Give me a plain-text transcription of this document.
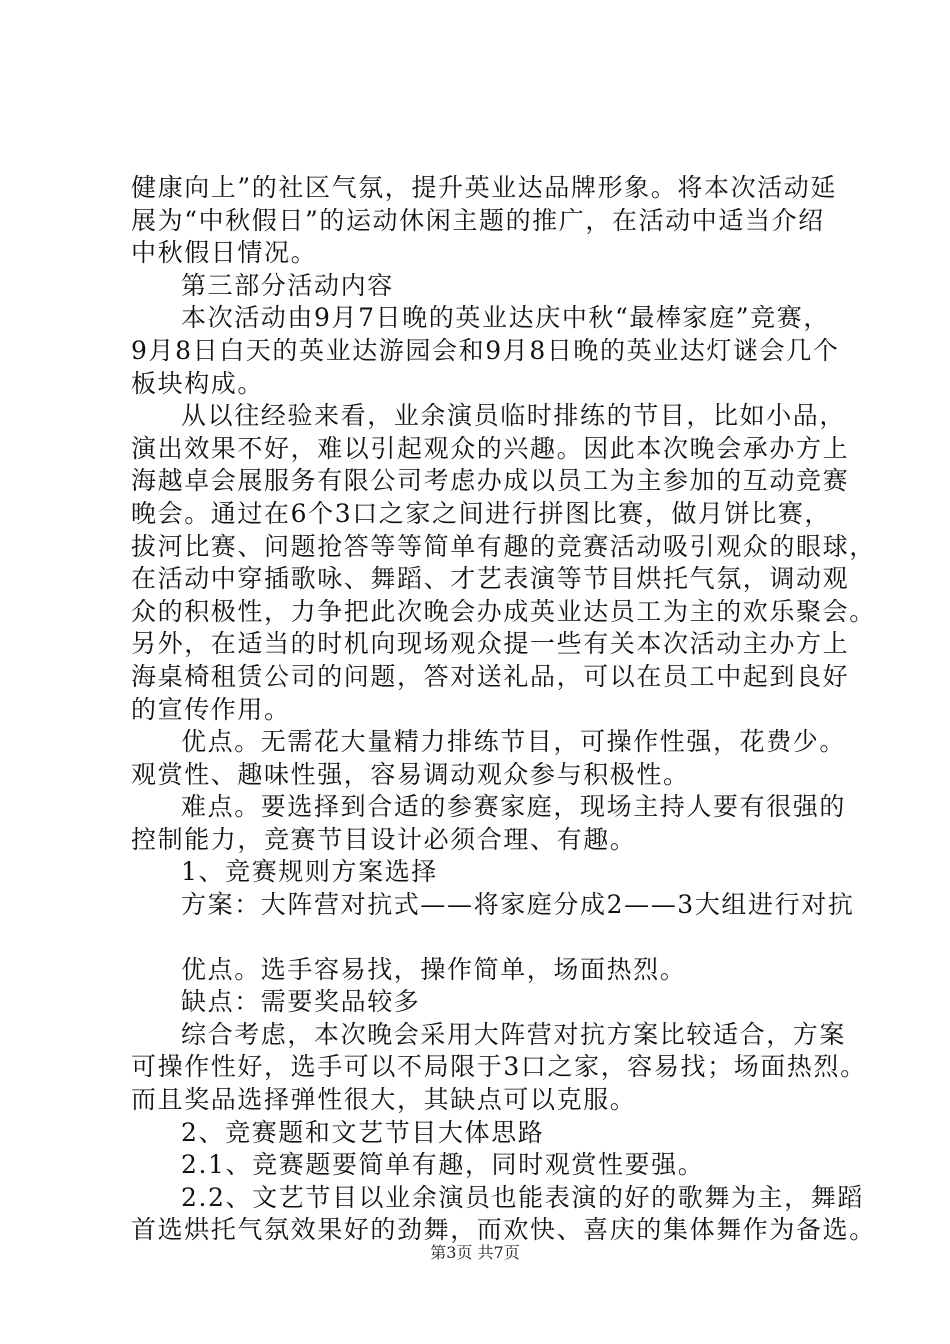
健康向上”的社区气氛，提升英业达品牌形象。将本次活动延
展为“中秋假日”的运动休闲主题的推广，在活动中适当介绍
中秋假日情况。
第三部分活动内容
本次活动由9月7日晚的英业达庆中秋“最棒家庭”竞赛，
9月8日白天的英业达游园会和9月8日晚的英业达灯谜会几个
板块构成。
从以往经验来看，业余演员临时排练的节目，比如小品，
演出效果不好，难以引起观众的兴趣。因此本次晚会承办方上
海越卓会展服务有限公司考虑办成以员工为主参加的互动竞赛
晚会。通过在6个3口之家之间进行拼图比赛，做月饼比赛，
拔河比赛、问题抢答等等简单有趣的竞赛活动吸引观众的眼球，
在活动中穿插歌咏、舞蹈、才艺表演等节目烘托气氛，调动观
众的积极性，力争把此次晚会办成英业达员工为主的欢乐聚会。
另外，在适当的时机向现场观众提一些有关本次活动主办方上
海桌椅租赁公司的问题，答对送礼品，可以在员工中起到良好
的宣传作用。
优点。无需花大量精力排练节目，可操作性强，花费少。
观赏性、趣味性强，容易调动观众参与积极性。
难点。要选择到合适的参赛家庭，现场主持人要有很强的
控制能力，竞赛节目设计必须合理、有趣。
1、竞赛规则方案选择
方案：大阵营对抗式——将家庭分成2——3大组进行对抗
优点。选手容易找，操作简单，场面热烈。
缺点：需要奖品较多
综合考虑，本次晚会采用大阵营对抗方案比较适合，方案
可操作性好，选手可以不局限于3口之家，容易找；场面热烈。
而且奖品选择弹性很大，其缺点可以克服。
2、竞赛题和文艺节目大体思路
2.1、竞赛题要简单有趣，同时观赏性要强。
2.2、文艺节目以业余演员也能表演的好的歌舞为主，舞蹈
首选烘托气氛效果好的劲舞，而欢快、喜庆的集体舞作为备选。
第3页 共7页
